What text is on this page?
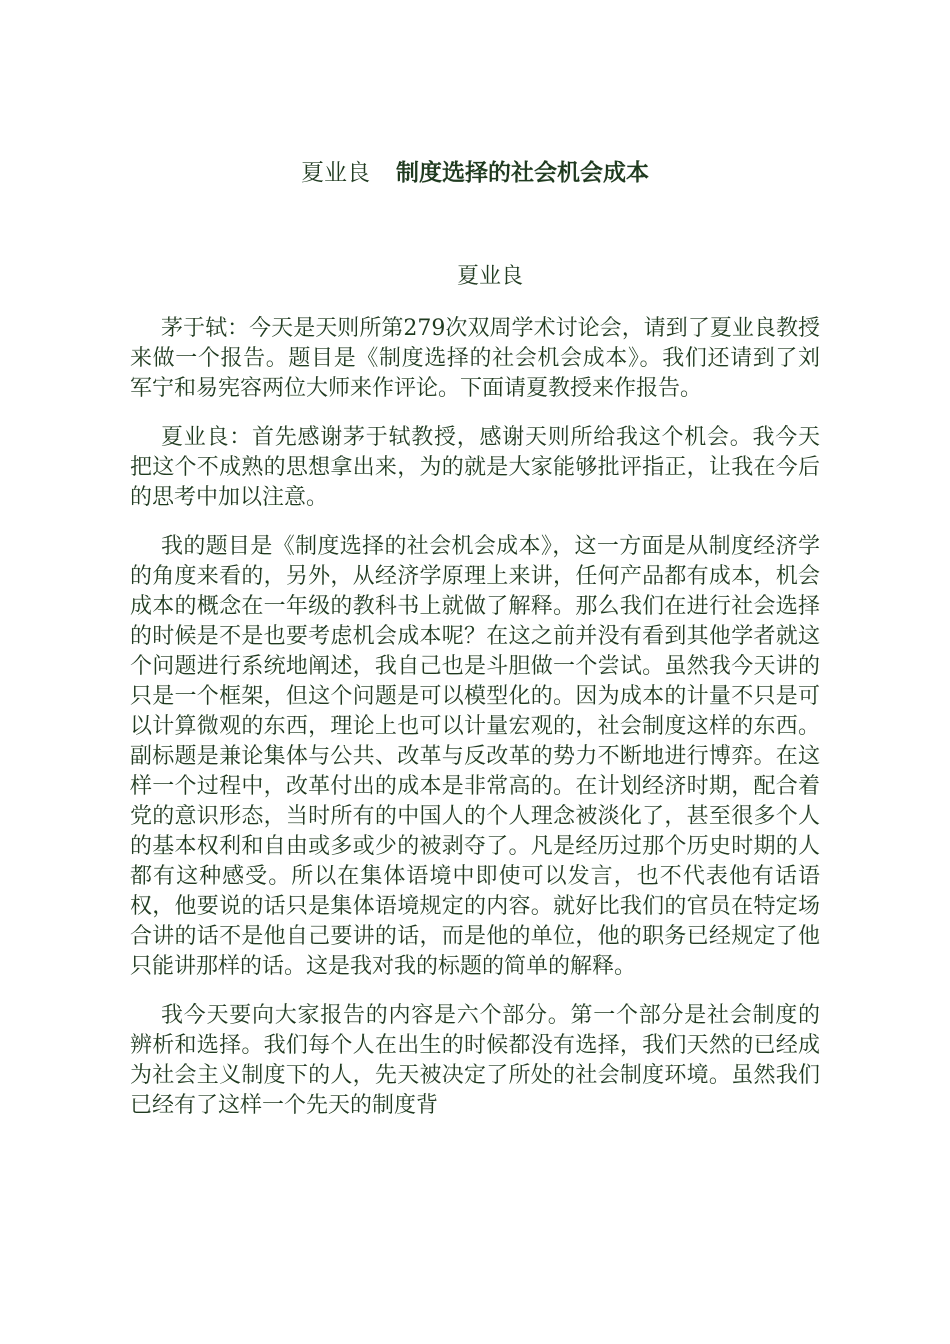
夏业良 制度选择的社会机会成本
夏业良

茅于轼：今天是天则所第279次双周学术讨论会，请到了夏业良教授来做一个报告。题目是《制度选择的社会机会成本》。我们还请到了刘军宁和易宪容两位大师来作评论。下面请夏教授来作报告。

夏业良：首先感谢茅于轼教授，感谢天则所给我这个机会。我今天把这个不成熟的思想拿出来，为的就是大家能够批评指正，让我在今后的思考中加以注意。

我的题目是《制度选择的社会机会成本》，这一方面是从制度经济学的角度来看的，另外，从经济学原理上来讲，任何产品都有成本，机会成本的概念在一年级的教科书上就做了解释。那么我们在进行社会选择的时候是不是也要考虑机会成本呢？在这之前并没有看到其他学者就这个问题进行系统地阐述，我自己也是斗胆做一个尝试。虽然我今天讲的只是一个框架，但这个问题是可以模型化的。因为成本的计量不只是可以计算微观的东西，理论上也可以计量宏观的，社会制度这样的东西。副标题是兼论集体与公共、改革与反改革的势力不断地进行博弈。在这样一个过程中，改革付出的成本是非常高的。在计划经济时期，配合着党的意识形态，当时所有的中国人的个人理念被淡化了，甚至很多个人的基本权利和自由或多或少的被剥夺了。凡是经历过那个历史时期的人都有这种感受。所以在集体语境中即使可以发言，也不代表他有话语权，他要说的话只是集体语境规定的内容。就好比我们的官员在特定场合讲的话不是他自己要讲的话，而是他的单位，他的职务已经规定了他只能讲那样的话。这是我对我的标题的简单的解释。

我今天要向大家报告的内容是六个部分。第一个部分是社会制度的辨析和选择。我们每个人在出生的时候都没有选择，我们天然的已经成为社会主义制度下的人，先天被决定了所处的社会制度环境。虽然我们已经有了这样一个先天的制度背
